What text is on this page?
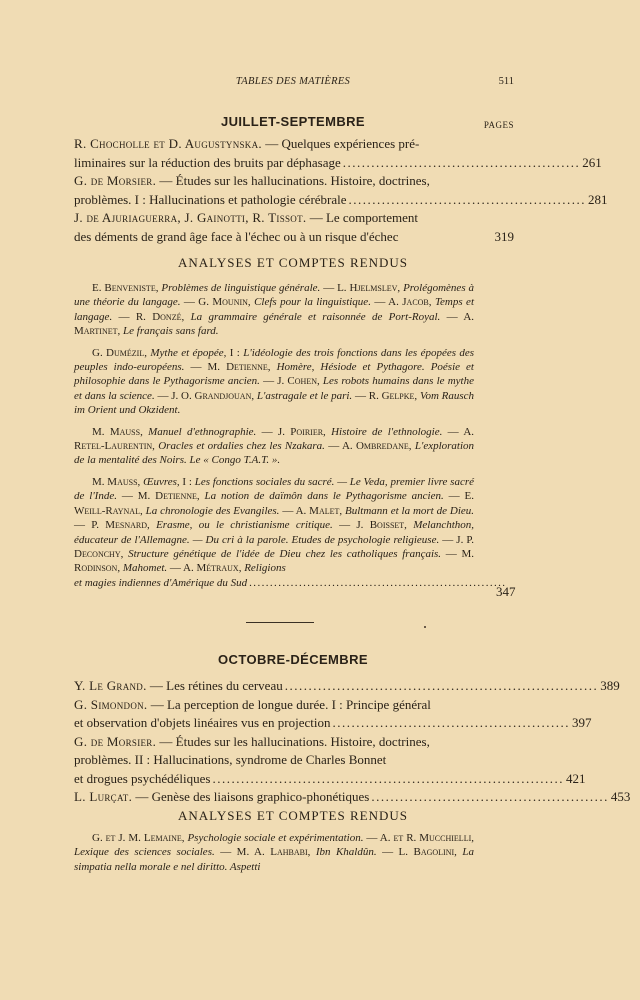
TABLES DES MATIÈRES	511
JUILLET-SEPTEMBRE	PAGES
R. Chocholle et D. Augustynska. — Quelques expériences pré-
liminaires sur la réduction des bruits par déphasage .................................................. 261
G. de Morsier. — Études sur les hallucinations. Histoire, doctrines,
problèmes. I : Hallucinations et pathologie cérébrale .................................................. 281
J. de Ajuriaguerra, J. Gainotti, R. Tissot. — Le comportement
des déments de grand âge face à l'échec ou à un risque d'échec	319
ANALYSES ET COMPTES RENDUS

E. Benveniste, Problèmes de linguistique générale. — L. Hjelmslev, Prolégomènes à une théorie du langage. — G. Mounin, Clefs pour la linguistique. — A. Jacob, Temps et langage. — R. Donzé, La grammaire générale et raisonnée de Port-Royal. — A. Martinet, Le français sans fard.

G. Dumézil, Mythe et épopée, I : L'idéologie des trois fonctions dans les épopées des peuples indo-européens. — M. Detienne, Homère, Hésiode et Pythagore. Poésie et philosophie dans le Pythagorisme ancien. — J. Cohen, Les robots humains dans le mythe et dans la science. — J. O. Grandjouan, L'astragale et le pari. — R. Gelpke, Vom Rausch im Orient und Okzident.

M. Mauss, Manuel d'ethnographie. — J. Poirier, Histoire de l'ethnologie. — A. Retel-Laurentin, Oracles et ordalies chez les Nzakara. — A. Ombredane, L'exploration de la mentalité des Noirs. Le « Congo T.A.T. ».

M. Mauss, Œuvres, I : Les fonctions sociales du sacré. — Le Veda, premier livre sacré de l'Inde. — M. Detienne, La notion de daïmôn dans le Pythagorisme ancien. — E. Weill-Raynal, La chronologie des Evangiles. — A. Malet, Bultmann et la mort de Dieu. — P. Mesnard, Erasme, ou le christianisme critique. — J. Boisset, Melanchthon, éducateur de l'Allemagne. — Du cri à la parole. Etudes de psychologie religieuse. — J. P. Deconchy, Structure génétique de l'idée de Dieu chez les catholiques français. — M. Rodinson, Mahomet. — A. Métraux, Religions

et magies indiennes d'Amérique du Sud ..............................................................
347
OCTOBRE-DÉCEMBRE
Y. Le Grand. — Les rétines du cerveau .................................................................. 389
G. Simondon. — La perception de longue durée. I : Principe général
et observation d'objets linéaires vus en projection .................................................. 397
G. de Morsier. — Études sur les hallucinations. Histoire, doctrines,
problèmes. II : Hallucinations, syndrome de Charles Bonnet
et drogues psychédéliques .......................................................................... 421
L. Lurçat. — Genèse des liaisons graphico-phonétiques .................................................. 453
ANALYSES ET COMPTES RENDUS

G. et J. M. Lemaine, Psychologie sociale et expérimentation. — A. et R. Mucchielli, Lexique des sciences sociales. — M. A. Lahbabi, Ibn Khaldûn. — L. Bagolini, La simpatia nella morale e nel diritto. Aspetti
